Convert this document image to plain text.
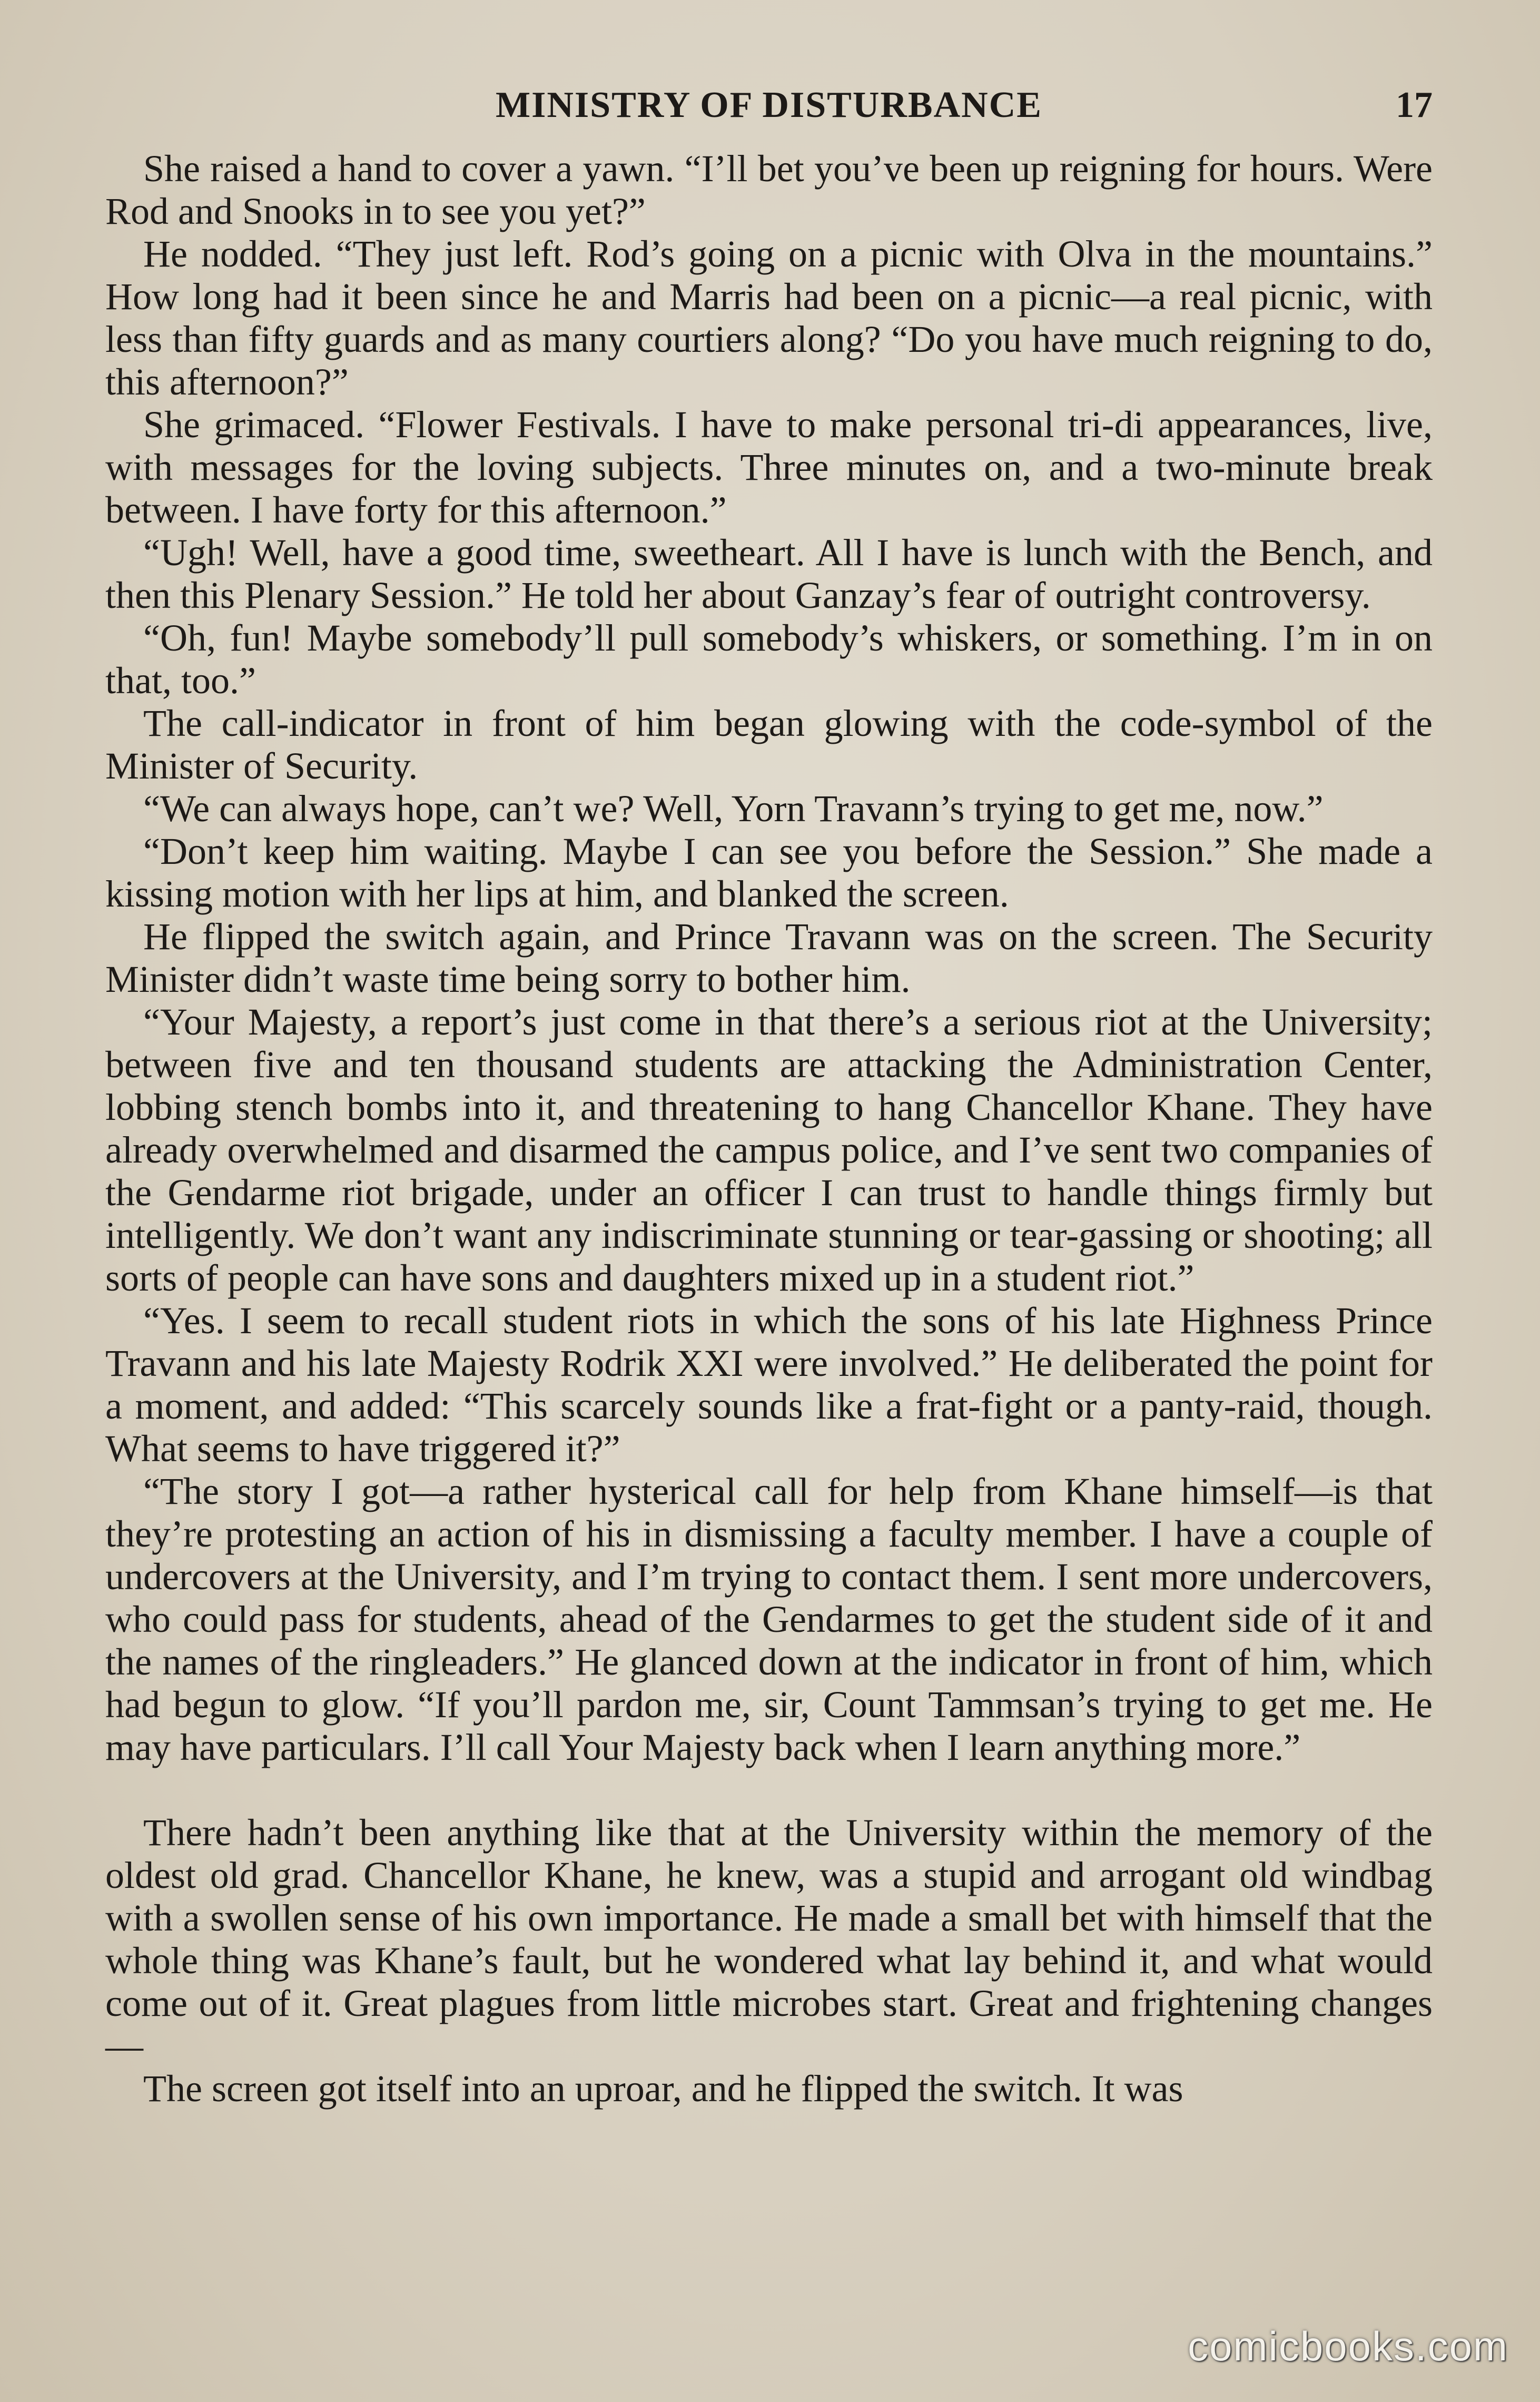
MINISTRY OF DISTURBANCE	17

She raised a hand to cover a yawn. “I’ll bet you’ve been up reigning for hours. Were Rod and Snooks in to see you yet?”

He nodded. “They just left. Rod’s going on a picnic with Olva in the mountains.” How long had it been since he and Marris had been on a picnic—a real picnic, with less than fifty guards and as many courtiers along? “Do you have much reigning to do, this afternoon?”

She grimaced. “Flower Festivals. I have to make personal tri-di appearances, live, with messages for the loving subjects. Three minutes on, and a two-minute break between. I have forty for this afternoon.”

“Ugh! Well, have a good time, sweetheart. All I have is lunch with the Bench, and then this Plenary Session.” He told her about Ganzay’s fear of outright controversy.

“Oh, fun! Maybe somebody’ll pull somebody’s whiskers, or something. I’m in on that, too.”

The call-indicator in front of him began glowing with the code-symbol of the Minister of Security.

“We can always hope, can’t we? Well, Yorn Travann’s trying to get me, now.”

“Don’t keep him waiting. Maybe I can see you before the Session.” She made a kissing motion with her lips at him, and blanked the screen.

He flipped the switch again, and Prince Travann was on the screen. The Security Minister didn’t waste time being sorry to bother him.

“Your Majesty, a report’s just come in that there’s a serious riot at the University; between five and ten thousand students are attacking the Administration Center, lobbing stench bombs into it, and threatening to hang Chancellor Khane. They have already overwhelmed and disarmed the campus police, and I’ve sent two companies of the Gendarme riot brigade, under an officer I can trust to handle things firmly but intelligently. We don’t want any indiscriminate stunning or tear-gassing or shooting; all sorts of people can have sons and daughters mixed up in a student riot.”

“Yes. I seem to recall student riots in which the sons of his late Highness Prince Travann and his late Majesty Rodrik XXI were involved.” He deliberated the point for a moment, and added: “This scarcely sounds like a frat-fight or a panty-raid, though. What seems to have triggered it?”

“The story I got—a rather hysterical call for help from Khane himself—is that they’re protesting an action of his in dismissing a faculty member. I have a couple of undercovers at the University, and I’m trying to contact them. I sent more undercovers, who could pass for students, ahead of the Gendarmes to get the student side of it and the names of the ringleaders.” He glanced down at the indicator in front of him, which had begun to glow. “If you’ll pardon me, sir, Count Tammsan’s trying to get me. He may have particulars. I’ll call Your Majesty back when I learn anything more.”

There hadn’t been anything like that at the University within the memory of the oldest old grad. Chancellor Khane, he knew, was a stupid and arrogant old windbag with a swollen sense of his own importance. He made a small bet with himself that the whole thing was Khane’s fault, but he wondered what lay behind it, and what would come out of it. Great plagues from little microbes start. Great and frightening changes—

The screen got itself into an uproar, and he flipped the switch. It was

comicbooks.com
